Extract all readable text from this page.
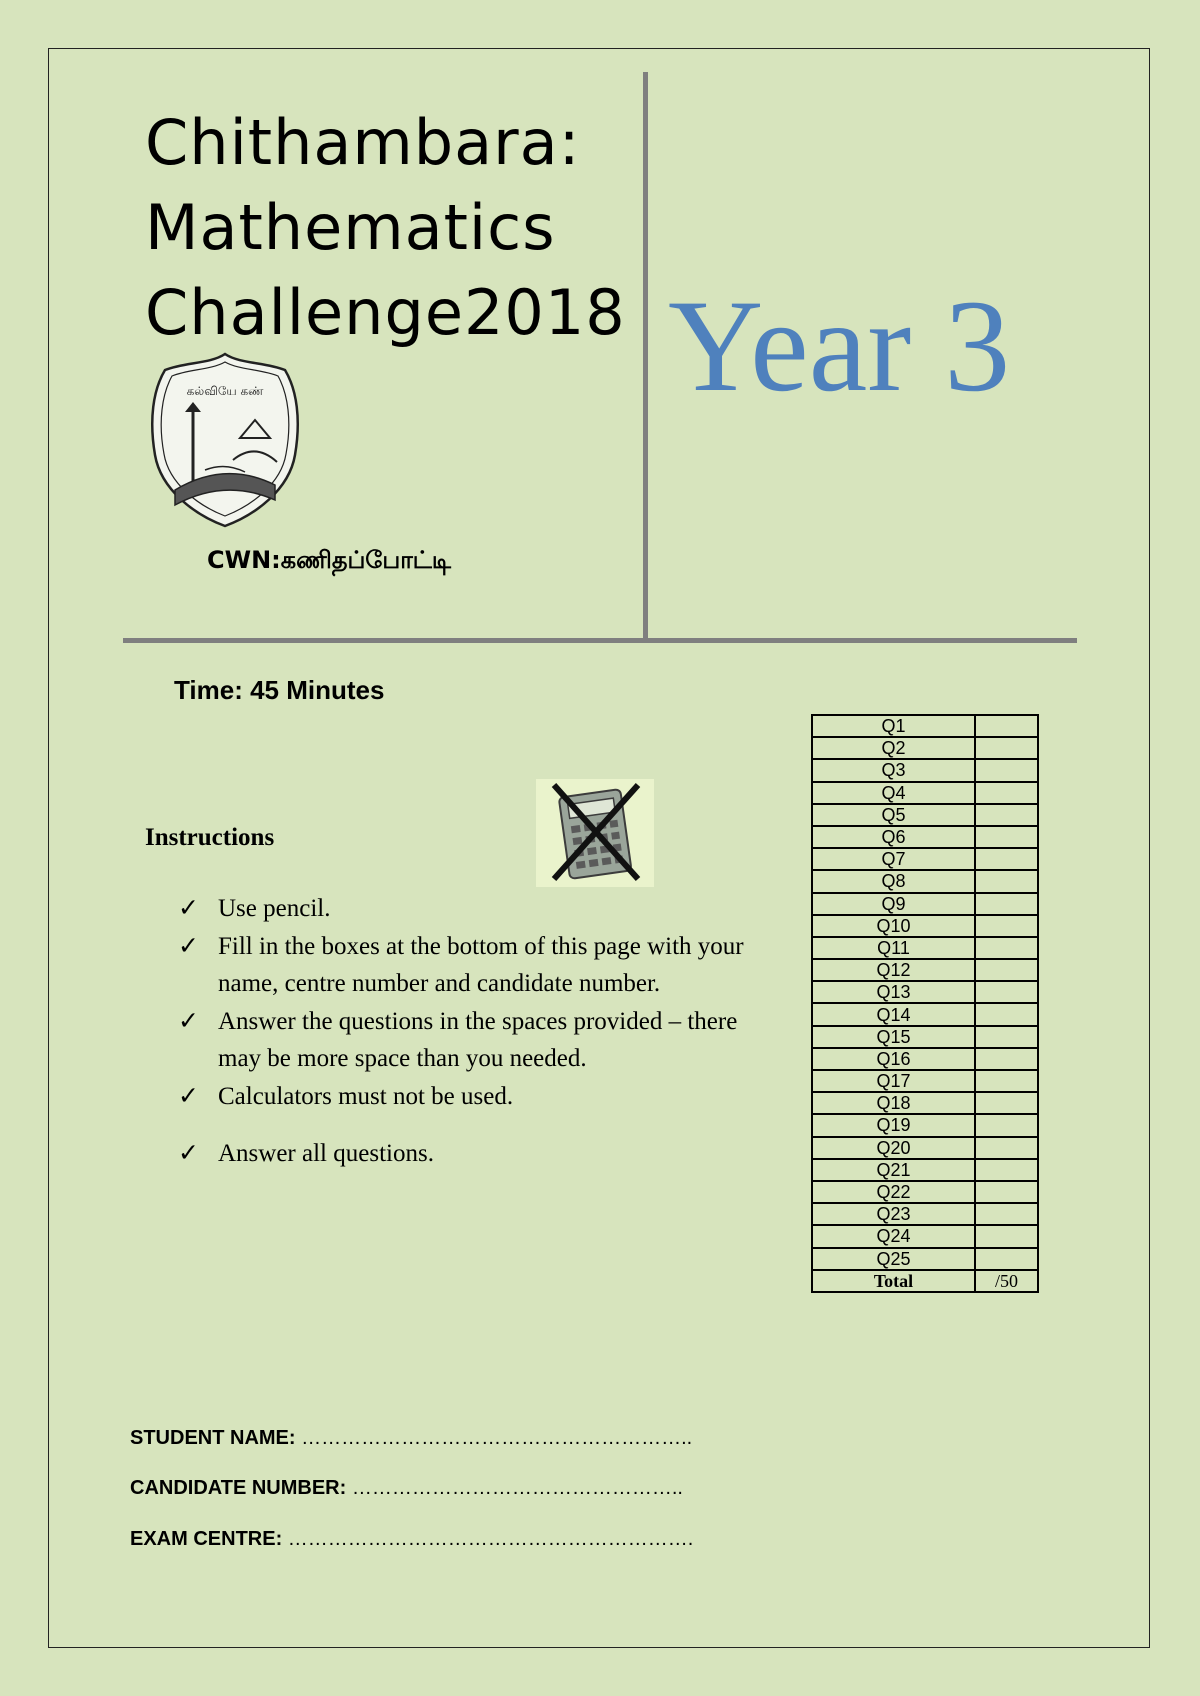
Chithambara:
Mathematics
Challenge2018 Year 3
கல்வியே கண்
CWN:கணிதப்போட்டி
Time: 45 Minutes
Instructions
✓ Use pencil.
✓ Fill in the boxes at the bottom of this page with your name, centre number and candidate number.
✓ Answer the questions in the spaces provided – there may be more space than you needed.
✓ Calculators must not be used.
✓ Answer all questions.
Q1	
Q2	
Q3	
Q4	
Q5	
Q6	
Q7	
Q8	
Q9	
Q10	
Q11	
Q12	
Q13	
Q14	
Q15	
Q16	
Q17	
Q18	
Q19	
Q20	
Q21	
Q22	
Q23	
Q24	
Q25	
Total	/50
STUDENT NAME: …………………………………………………..
CANDIDATE NUMBER: …………………………………………..
EXAM CENTRE: …………………………………………………….
